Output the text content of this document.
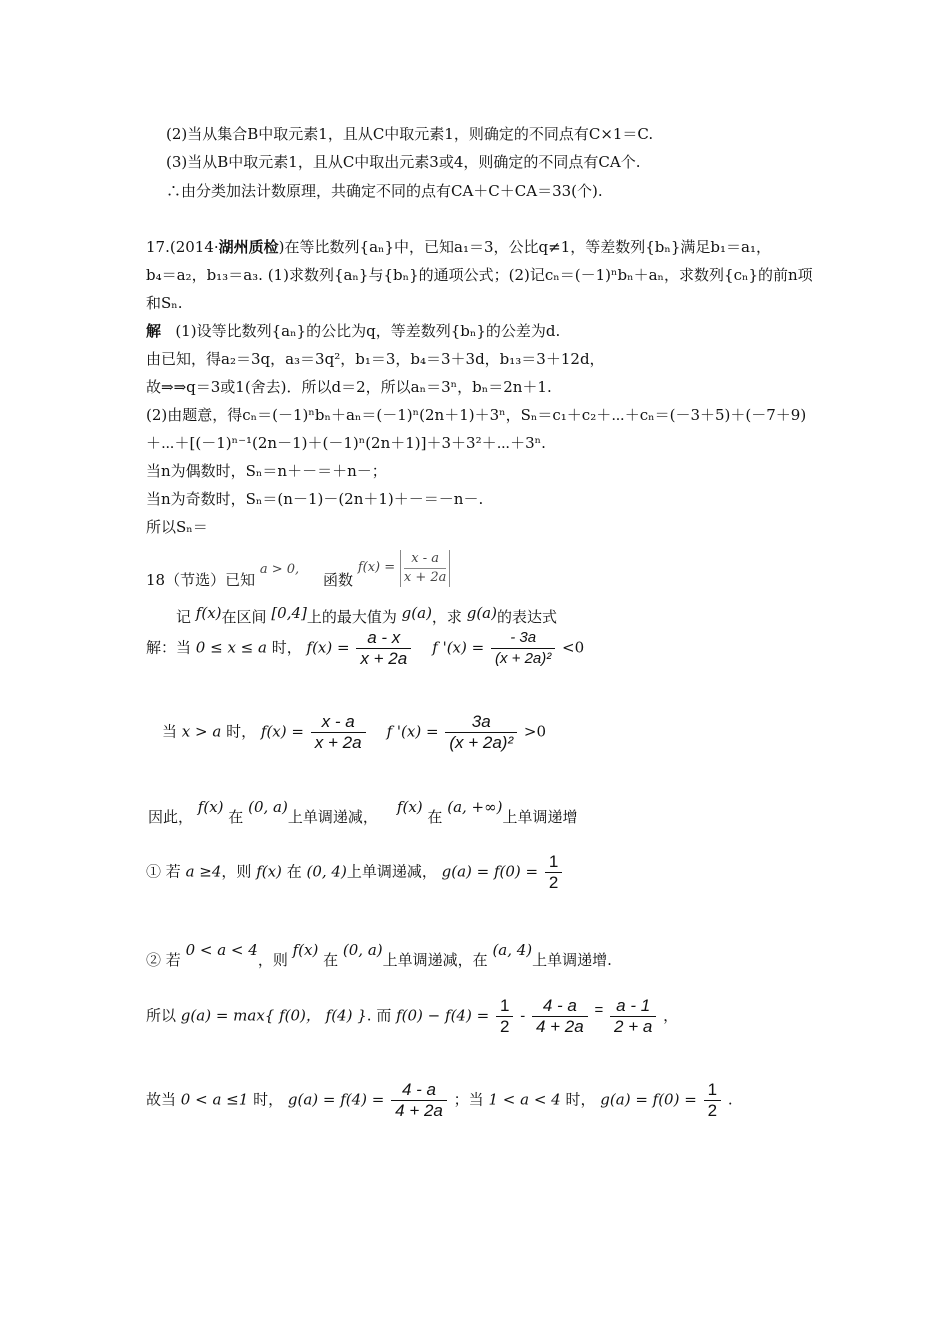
(2)当从集合B中取元素1，且从C中取元素1，则确定的不同点有C×1＝C.
(3)当从B中取元素1，且从C中取出元素3或4，则确定的不同点有CA个.
∴由分类加法计数原理，共确定不同的点有CA＋C＋CA＝33(个).
17.(2014·湖州质检)在等比数列{aₙ}中，已知a₁＝3，公比q≠1，等差数列{bₙ}满足b₁＝a₁，
b₄＝a₂，b₁₃＝a₃. (1)求数列{aₙ}与{bₙ}的通项公式；(2)记cₙ＝(－1)ⁿbₙ＋aₙ，求数列{cₙ}的前n项
和Sₙ.
解 (1)设等比数列{aₙ}的公比为q，等差数列{bₙ}的公差为d.
由已知，得a₂＝3q，a₃＝3q²，b₁＝3，b₄＝3＋3d，b₁₃＝3＋12d，
故⇒⇒q＝3或1(舍去)．所以d＝2，所以aₙ＝3ⁿ，bₙ＝2n＋1.
(2)由题意，得cₙ＝(－1)ⁿbₙ＋aₙ＝(－1)ⁿ(2n＋1)＋3ⁿ，Sₙ＝c₁＋c₂＋⋯＋cₙ＝(－3＋5)＋(－7＋9)
＋⋯＋[(－1)ⁿ⁻¹(2n－1)＋(－1)ⁿ(2n＋1)]＋3＋3²＋⋯＋3ⁿ.
当n为偶数时，Sₙ＝n＋－＝＋n－；
当n为奇数时，Sₙ＝(n－1)－(2n＋1)＋－＝－n－.
所以Sₙ＝
18（节选）已知 a > 0,     函数 $f(x) = \frac{x - a}{x + 2a}$
记 f(x)在区间 [0,4]上的最大值为 g(a)，求 g(a)的表达式
解：当 0 ≤ x ≤ a 时， $f(x) = \frac{a - x}{x + 2a}$ f '$(x) = \frac{- 3a}{\text{(x + 2a)²}} <0$
当 x > a 时， $f(x) = \frac{x - a}{x + 2a}$ f '$(x) = \frac{3a}{\text{(x + 2a)²}} >0$
因此， f(x) 在 (0, a)上单调递减，    f(x) 在 (a, +∞)上单调递增
① 若 a ≥4，则 f(x) 在 (0, 4)上单调递减， $g(a) = f(0) = \frac{1}{2}$
② 若 0 < a < 4，则 f(x) 在 (0, a)上单调递减，在 (a, 4)上单调递增.
所以 g(a) = max{ f(0)， f(4) }. 而 $f(0) - f(4) = \frac{1}{2} - \frac{4 - a}{4 + 2a} = \frac{a - 1}{2 + a}$ ，
故当 0 < a ≤1 时， $g(a) = f(4) = \frac{4 - a}{4 + 2a}$ ；当 1 < a < 4 时， $g(a) = f(0) = \frac{1}{2}$ .
